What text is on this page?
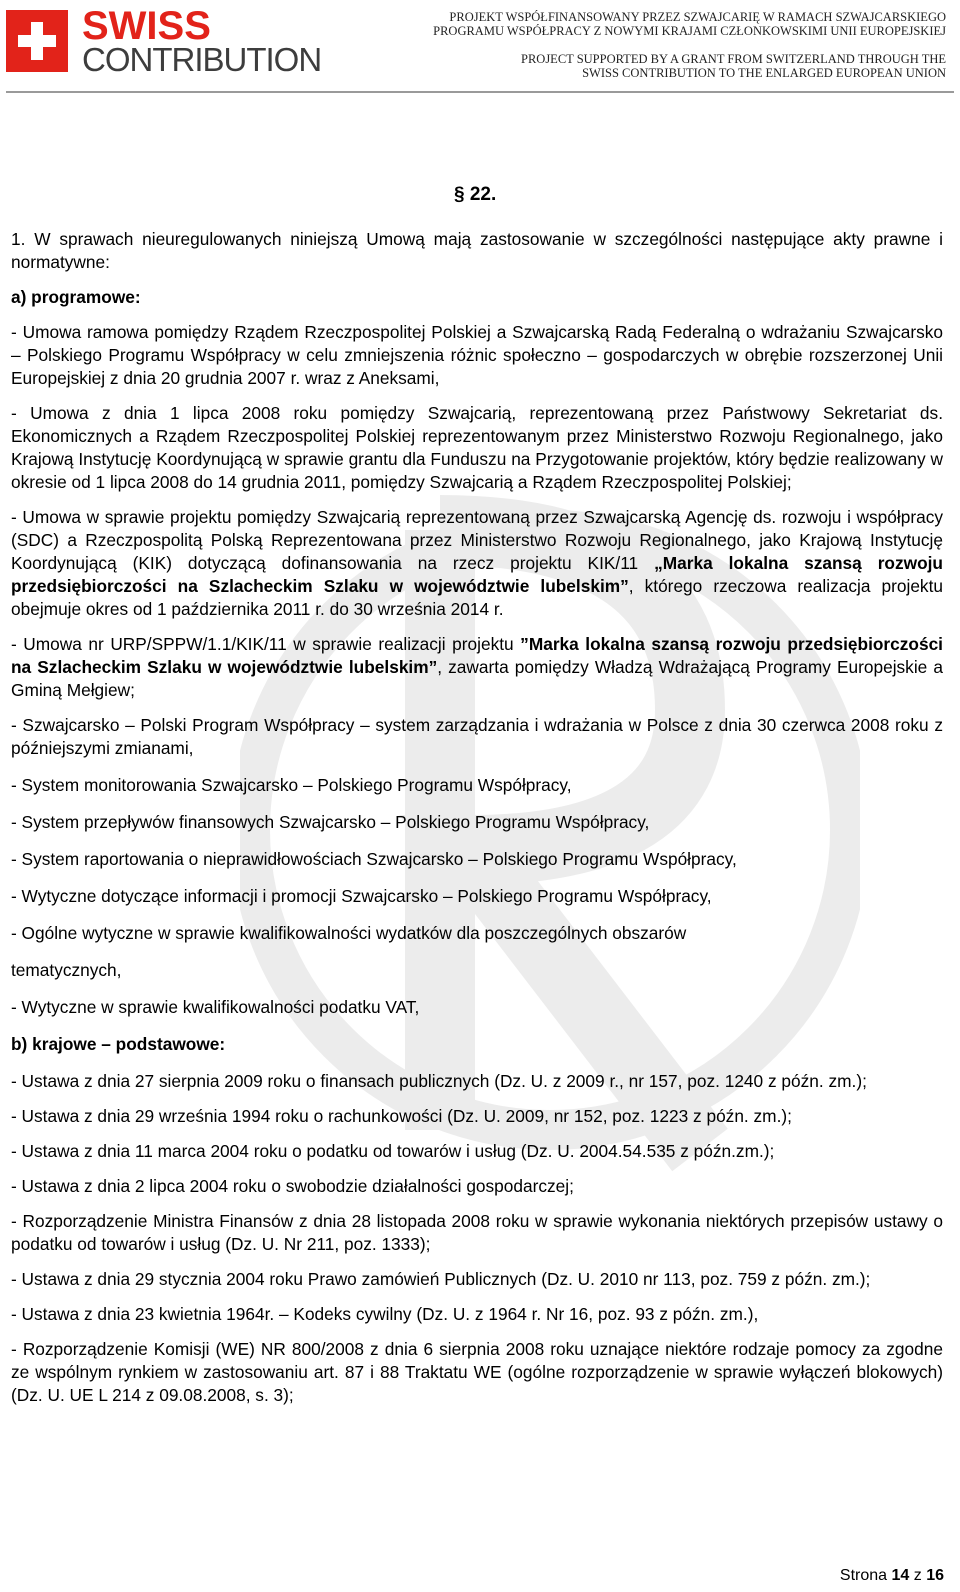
SWISS
CONTRIBUTION
PROJEKT WSPÓŁFINANSOWANY PRZEZ SZWAJCARIĘ W RAMACH SZWAJCARSKIEGO
PROGRAMU WSPÓŁPRACY Z NOWYMI KRAJAMI CZŁONKOWSKIMI UNII EUROPEJSKIEJ
PROJECT SUPPORTED BY A GRANT FROM SWITZERLAND THROUGH THE
SWISS CONTRIBUTION TO THE ENLARGED EUROPEAN UNION
§ 22.

1. W sprawach nieuregulowanych niniejszą Umową mają zastosowanie w szczególności następujące akty prawne i normatywne:

a) programowe:

- Umowa ramowa pomiędzy Rządem Rzeczpospolitej Polskiej a Szwajcarską Radą Federalną o wdrażaniu Szwajcarsko – Polskiego Programu Współpracy w celu zmniejszenia różnic społeczno – gospodarczych w obrębie rozszerzonej Unii Europejskiej z dnia 20 grudnia 2007 r. wraz z Aneksami,

- Umowa z dnia 1 lipca 2008 roku pomiędzy Szwajcarią, reprezentowaną przez Państwowy Sekretariat ds. Ekonomicznych a Rządem Rzeczpospolitej Polskiej reprezentowanym przez Ministerstwo Rozwoju Regionalnego, jako Krajową Instytucję Koordynującą w sprawie grantu dla Funduszu na Przygotowanie projektów, który będzie realizowany w okresie od 1 lipca 2008 do 14 grudnia 2011, pomiędzy Szwajcarią a Rządem Rzeczpospolitej Polskiej;

- Umowa w sprawie projektu pomiędzy Szwajcarią reprezentowaną przez Szwajcarską Agencję ds. rozwoju i współpracy (SDC) a Rzeczpospolitą Polską Reprezentowana przez Ministerstwo Rozwoju Regionalnego, jako Krajową Instytucję Koordynującą (KIK) dotyczącą dofinansowania na rzecz projektu KIK/11 „Marka lokalna szansą rozwoju przedsiębiorczości na Szlacheckim Szlaku w województwie lubelskim”, którego rzeczowa realizacja projektu obejmuje okres od 1 października 2011 r. do 30 września 2014 r.

- Umowa nr URP/SPPW/1.1/KIK/11 w sprawie realizacji projektu ”Marka lokalna szansą rozwoju przedsiębiorczości na Szlacheckim Szlaku w województwie lubelskim”, zawarta pomiędzy Władzą Wdrażającą Programy Europejskie a Gminą Mełgiew;

- Szwajcarsko – Polski Program Współpracy – system zarządzania i wdrażania w Polsce z dnia 30 czerwca 2008 roku z późniejszymi zmianami,

- System monitorowania Szwajcarsko – Polskiego Programu Współpracy,

- System przepływów finansowych Szwajcarsko – Polskiego Programu Współpracy,

- System raportowania o nieprawidłowościach Szwajcarsko – Polskiego Programu Współpracy,

- Wytyczne dotyczące informacji i promocji Szwajcarsko – Polskiego Programu Współpracy,

- Ogólne wytyczne w sprawie kwalifikowalności wydatków dla poszczególnych obszarów

tematycznych,

- Wytyczne w sprawie kwalifikowalności podatku VAT,

b) krajowe – podstawowe:

- Ustawa z dnia 27 sierpnia 2009 roku o finansach publicznych (Dz. U. z 2009 r., nr 157, poz. 1240 z późn. zm.);

- Ustawa z dnia 29 września 1994 roku o rachunkowości (Dz. U. 2009, nr 152, poz. 1223 z późn. zm.);

- Ustawa z dnia 11 marca 2004 roku o podatku od towarów i usług (Dz. U. 2004.54.535 z późn.zm.);

- Ustawa z dnia 2 lipca 2004 roku o swobodzie działalności gospodarczej;

- Rozporządzenie Ministra Finansów z dnia 28 listopada 2008 roku w sprawie wykonania niektórych przepisów ustawy o podatku od towarów i usług (Dz. U. Nr 211, poz. 1333);

- Ustawa z dnia 29 stycznia 2004 roku Prawo zamówień Publicznych (Dz. U. 2010 nr 113, poz. 759 z późn. zm.);

- Ustawa z dnia 23 kwietnia 1964r. – Kodeks cywilny (Dz. U. z 1964 r. Nr 16, poz. 93 z późn. zm.),

- Rozporządzenie Komisji (WE) NR 800/2008 z dnia 6 sierpnia 2008 roku uznające niektóre rodzaje pomocy za zgodne ze wspólnym rynkiem w zastosowaniu art. 87 i 88 Traktatu WE (ogólne rozporządzenie w sprawie wyłączeń blokowych) (Dz. U. UE L 214 z 09.08.2008, s. 3);

Strona 14 z 16
